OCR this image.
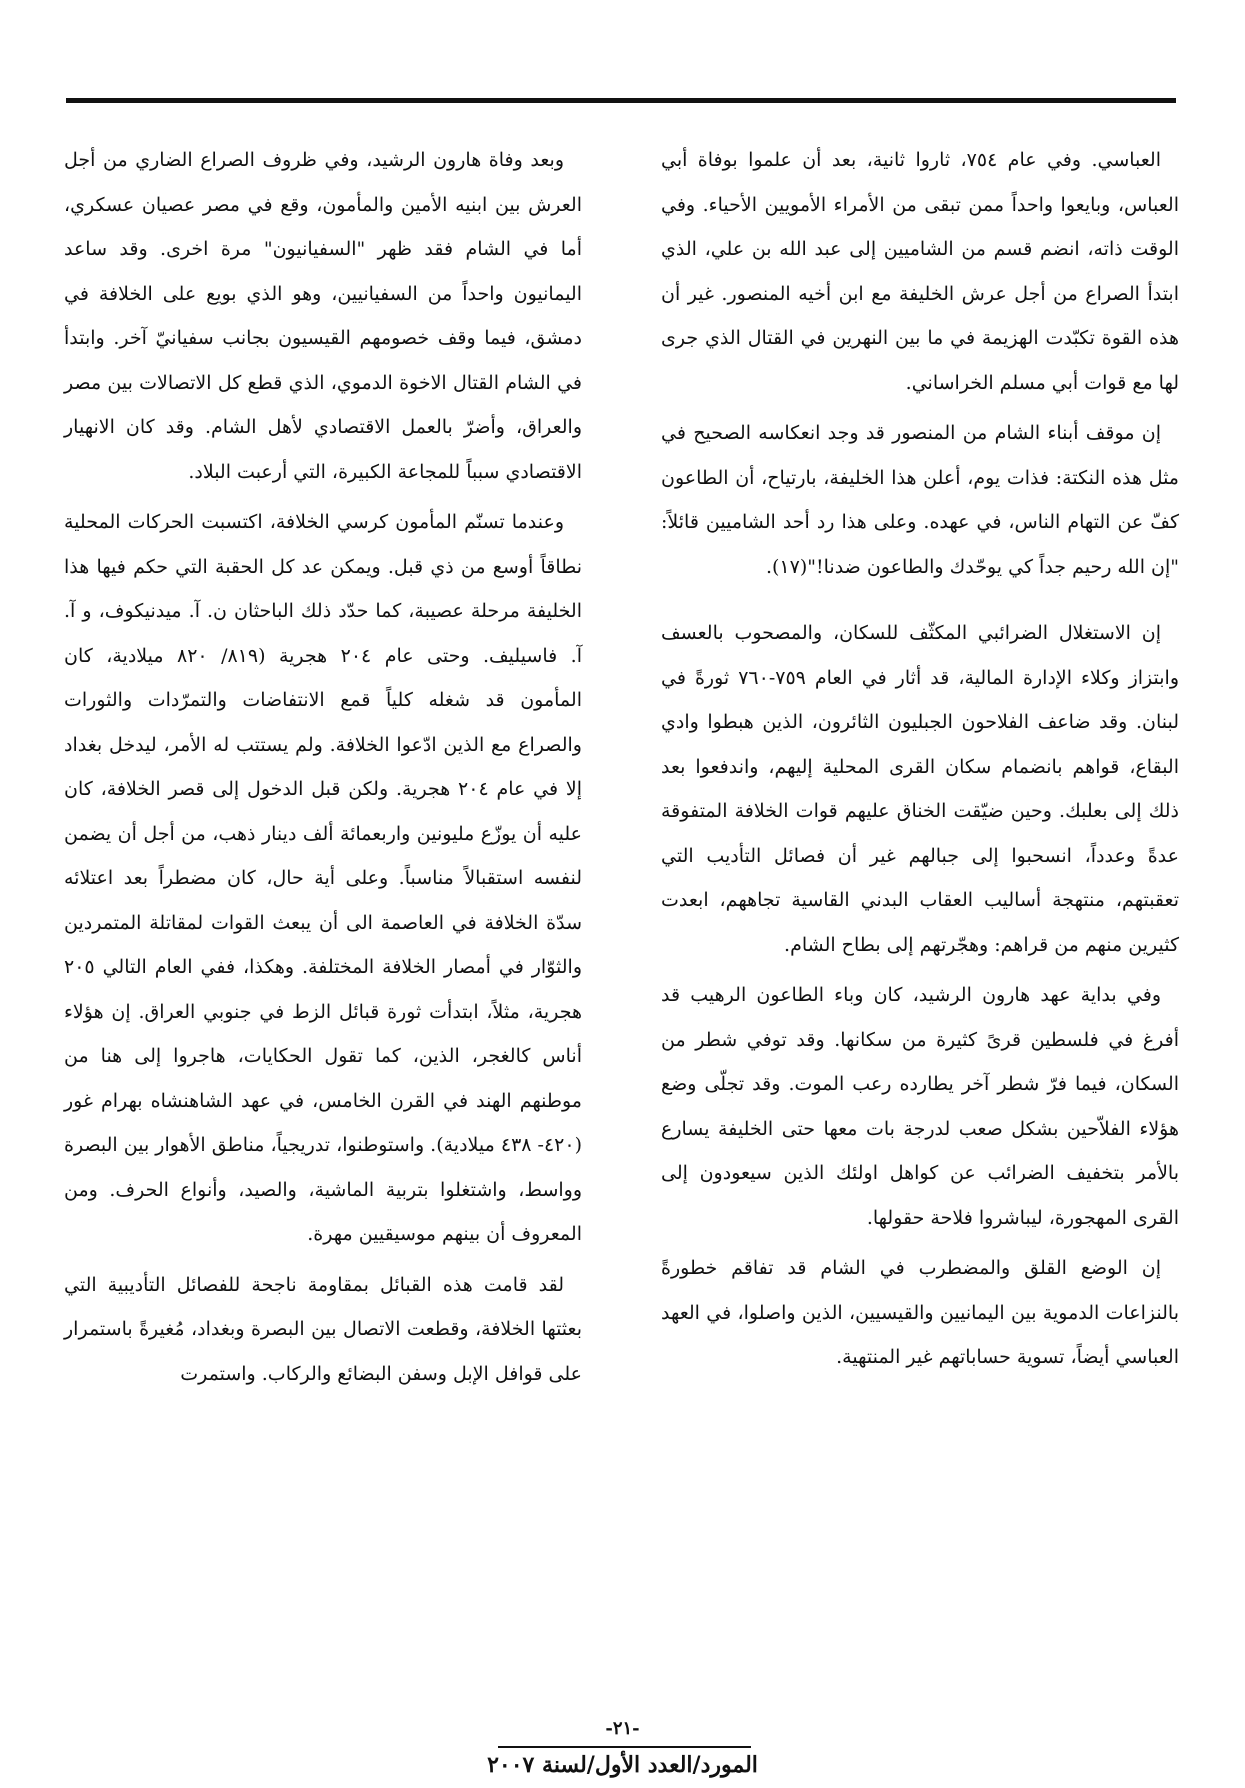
العباسي. وفي عام ٧٥٤، ثاروا ثانية، بعد أن علموا بوفاة أبي العباس، وبايعوا واحداً ممن تبقى من الأمراء الأمويين الأحياء. وفي الوقت ذاته، انضم قسم من الشاميين إلى عبد الله بن علي، الذي ابتدأ الصراع من أجل عرش الخليفة مع ابن أخيه المنصور. غير أن هذه القوة تكبّدت الهزيمة في ما بين النهرين في القتال الذي جرى لها مع قوات أبي مسلم الخراساني.

إن موقف أبناء الشام من المنصور قد وجد انعكاسه الصحيح في مثل هذه النكتة: فذات يوم، أعلن هذا الخليفة، بارتياح، أن الطاعون كفّ عن التهام الناس، في عهده. وعلى هذا رد أحد الشاميين قائلاً: "إن الله رحيم جداً كي يوحّدك والطاعون ضدنا!"(١٧).

إن الاستغلال الضرائبي المكثّف للسكان، والمصحوب بالعسف وابتزاز وكلاء الإدارة المالية، قد أثار في العام ٧٥٩-٧٦٠ ثورةً في لبنان. وقد ضاعف الفلاحون الجبليون الثائرون، الذين هبطوا وادي البقاع، قواهم بانضمام سكان القرى المحلية إليهم، واندفعوا بعد ذلك إلى بعلبك. وحين ضيّقت الخناق عليهم قوات الخلافة المتفوقة عدةً وعدداً، انسحبوا إلى جبالهم غير أن فصائل التأديب التي تعقبتهم، منتهجة أساليب العقاب البدني القاسية تجاههم، ابعدت كثيرين منهم من قراهم: وهجّرتهم إلى بطاح الشام.

وفي بداية عهد هارون الرشيد، كان وباء الطاعون الرهيب قد أفرغ في فلسطين قرىً كثيرة من سكانها. وقد توفي شطر من السكان، فيما فرّ شطر آخر يطارده رعب الموت. وقد تجلّى وضع هؤلاء الفلاّحين بشكل صعب لدرجة بات معها حتى الخليفة يسارع بالأمر بتخفيف الضرائب عن كواهل اولئك الذين سيعودون إلى القرى المهجورة، ليباشروا فلاحة حقولها.

إن الوضع القلق والمضطرب في الشام قد تفاقم خطورةً بالنزاعات الدموية بين اليمانيين والقيسيين، الذين واصلوا، في العهد العباسي أيضاً، تسوية حساباتهم غير المنتهية.

وبعد وفاة هارون الرشيد، وفي ظروف الصراع الضاري من أجل العرش بين ابنيه الأمين والمأمون، وقع في مصر عصيان عسكري، أما في الشام فقد ظهر "السفيانيون" مرة اخرى. وقد ساعد اليمانيون واحداً من السفيانيين، وهو الذي بويع على الخلافة في دمشق، فيما وقف خصومهم القيسيون بجانب سفيانيّ آخر. وابتدأ في الشام القتال الاخوة الدموي، الذي قطع كل الاتصالات بين مصر والعراق، وأضرّ بالعمل الاقتصادي لأهل الشام. وقد كان الانهيار الاقتصادي سبباً للمجاعة الكبيرة، التي أرعبت البلاد.

وعندما تسنّم المأمون كرسي الخلافة، اكتسبت الحركات المحلية نطاقاً أوسع من ذي قبل. ويمكن عد كل الحقبة التي حكم فيها هذا الخليفة مرحلة عصيبة، كما حدّد ذلك الباحثان ن. آ. ميدنيكوف، و آ. آ. فاسيليف. وحتى عام ٢٠٤ هجرية (٨١٩/ ٨٢٠ ميلادية، كان المأمون قد شغله كلياً قمع الانتفاضات والتمرّدات والثورات والصراع مع الذين ادّعوا الخلافة. ولم يستتب له الأمر، ليدخل بغداد إلا في عام ٢٠٤ هجرية. ولكن قبل الدخول إلى قصر الخلافة، كان عليه أن يوزّع مليونين واربعمائة ألف دينار ذهب، من أجل أن يضمن لنفسه استقبالاً مناسباً. وعلى أية حال، كان مضطراً بعد اعتلائه سدّة الخلافة في العاصمة الى أن يبعث القوات لمقاتلة المتمردين والثوّار في أمصار الخلافة المختلفة. وهكذا، ففي العام التالي ٢٠٥ هجرية، مثلاً، ابتدأت ثورة قبائل الزط في جنوبي العراق. إن هؤلاء أناس كالغجر، الذين، كما تقول الحكايات، هاجروا إلى هنا من موطنهم الهند في القرن الخامس، في عهد الشاهنشاه بهرام غور (٤٢٠- ٤٣٨ ميلادية). واستوطنوا، تدريجياً، مناطق الأهوار بين البصرة وواسط، واشتغلوا بتربية الماشية، والصيد، وأنواع الحرف. ومن المعروف أن بينهم موسيقيين مهرة.

لقد قامت هذه القبائل بمقاومة ناجحة للفصائل التأديبية التي بعثتها الخلافة، وقطعت الاتصال بين البصرة وبغداد، مُغيرةً باستمرار على قوافل الإبل وسفن البضائع والركاب. واستمرت

-٢١-
المورد/العدد الأول/لسنة ٢٠٠٧
